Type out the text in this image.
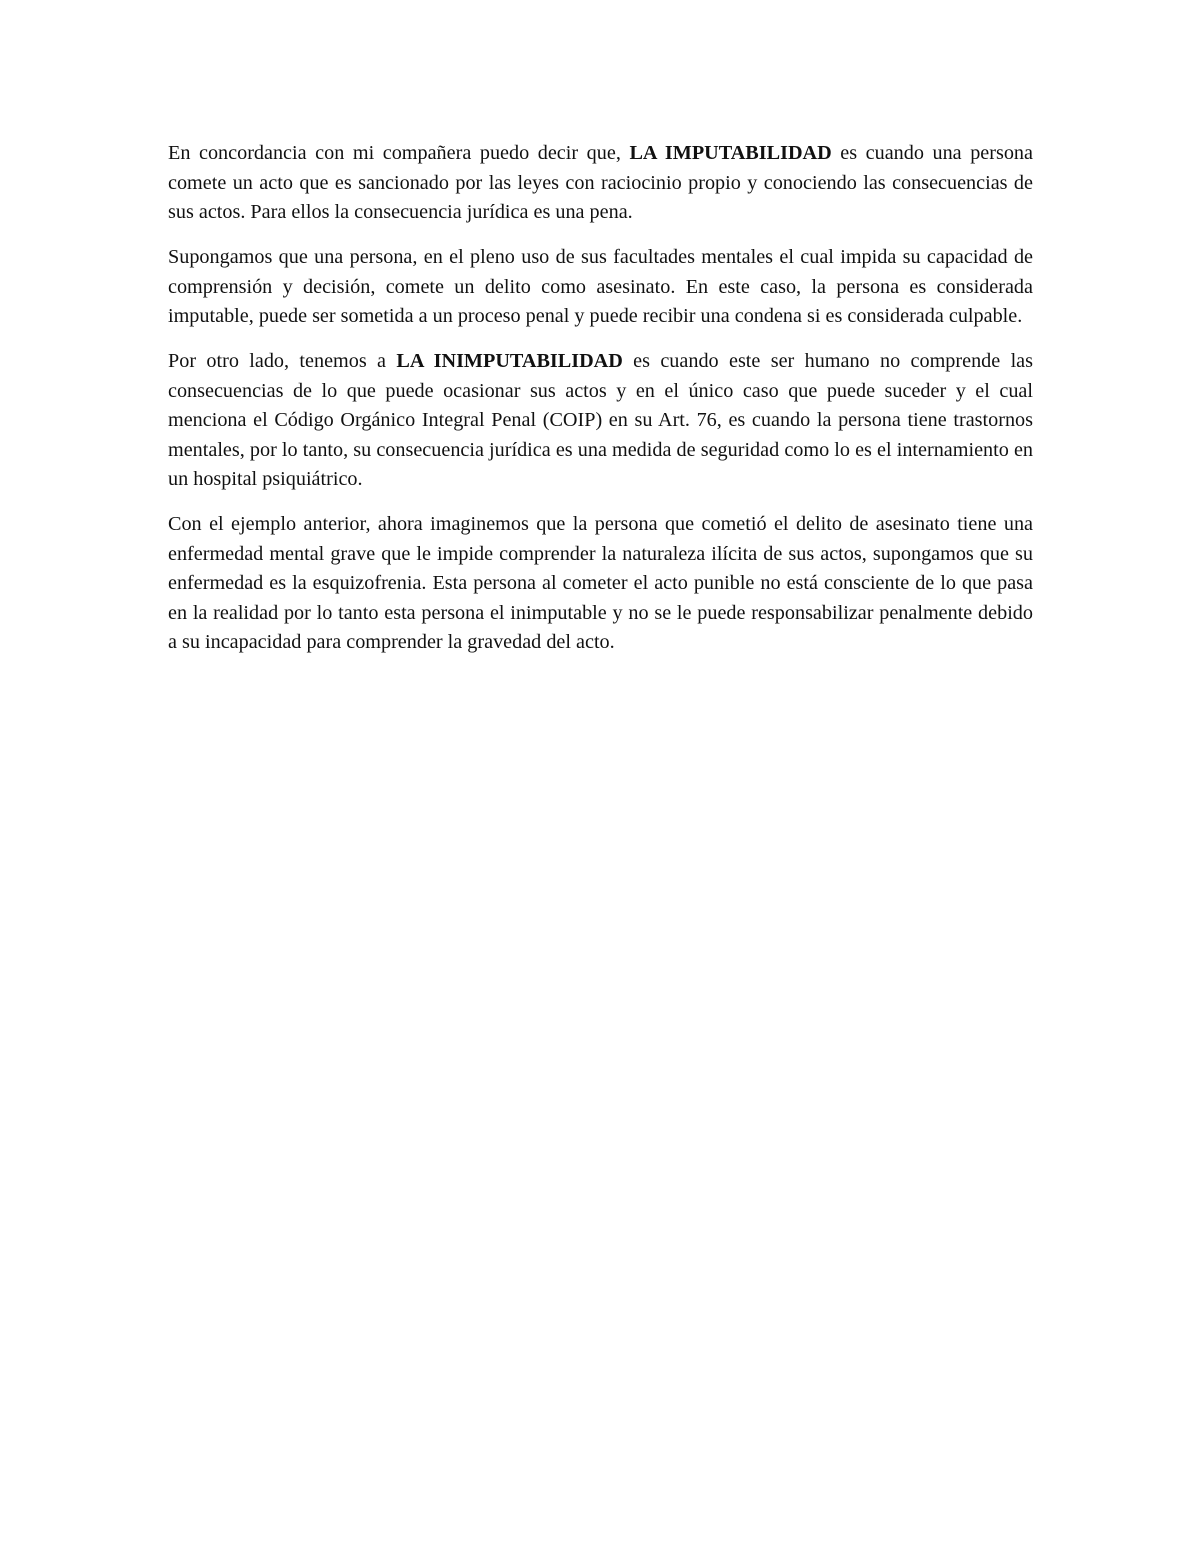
En concordancia con mi compañera puedo decir que, LA IMPUTABILIDAD es cuando una persona comete un acto que es sancionado por las leyes con raciocinio propio y conociendo las consecuencias de sus actos. Para ellos la consecuencia jurídica es una pena.

Supongamos que una persona, en el pleno uso de sus facultades mentales el cual impida su capacidad de comprensión y decisión, comete un delito como asesinato. En este caso, la persona es considerada imputable, puede ser sometida a un proceso penal y puede recibir una condena si es considerada culpable.

Por otro lado, tenemos a LA INIMPUTABILIDAD es cuando este ser humano no comprende las consecuencias de lo que puede ocasionar sus actos y en el único caso que puede suceder y el cual menciona el Código Orgánico Integral Penal (COIP) en su Art. 76, es cuando la persona tiene trastornos mentales, por lo tanto, su consecuencia jurídica es una medida de seguridad como lo es el internamiento en un hospital psiquiátrico.

Con el ejemplo anterior, ahora imaginemos que la persona que cometió el delito de asesinato tiene una enfermedad mental grave que le impide comprender la naturaleza ilícita de sus actos, supongamos que su enfermedad es la esquizofrenia. Esta persona al cometer el acto punible no está consciente de lo que pasa en la realidad por lo tanto esta persona el inimputable y no se le puede responsabilizar penalmente debido a su incapacidad para comprender la gravedad del acto.
